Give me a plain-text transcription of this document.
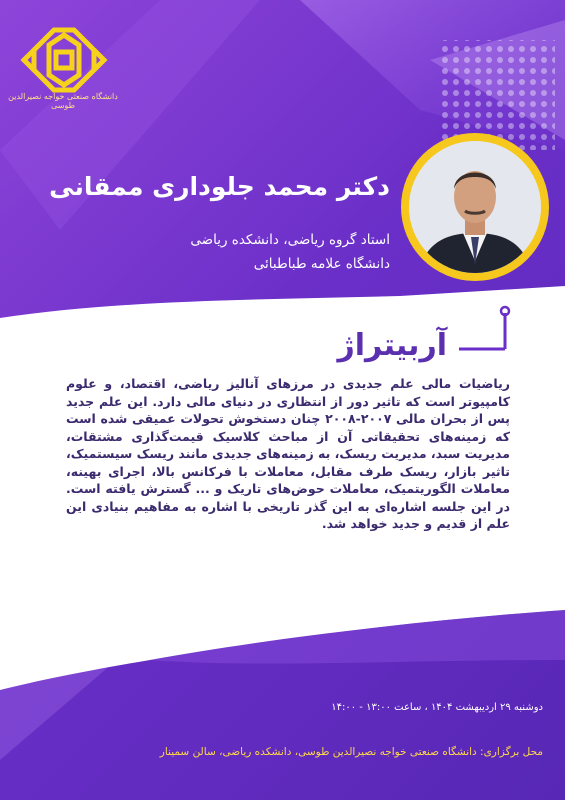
دانشگاه صنعتی خواجه نصیرالدین طوسی
دکتر محمد جلوداری ممقانی
استاد گروه ریاضی، دانشکده ریاضی
دانشگاه علامه طباطبائی
آربیتراژ
ریاضیات مالی علم جدیدی در مرزهای آنالیز ریاضی، اقتصاد، و علوم کامپیوتر است که تاثیر دور از انتظاری در دنیای مالی دارد. این علم جدید پس از بحران مالی ۲۰۰۷-۲۰۰۸ چنان دستخوش تحولات عمیقی شده است که زمینه‌های تحقیقاتی آن از مباحث کلاسیک قیمت‌گذاری مشتقات، مدیریت سبد، مدیریت ریسک، به زمینه‌های جدیدی مانند ریسک سیستمیک، تاثیر بازار، ریسک طرف مقابل، معاملات با فرکانس بالا، اجرای بهینه، معاملات الگوریتمیک، معاملات حوض‌های تاریک و ... گسترش یافته است. در این جلسه اشاره‌ای به این گذر تاریخی با اشاره به مفاهیم بنیادی این علم از قدیم و جدید خواهد شد.
دوشنبه ۲۹ اردیبهشت ۱۴۰۴ ، ساعت ۱۳:۰۰ - ۱۴:۰۰
محل برگزاری: دانشگاه صنعتی خواجه نصیرالدین طوسی، دانشکده ریاضی، سالن سمینار
